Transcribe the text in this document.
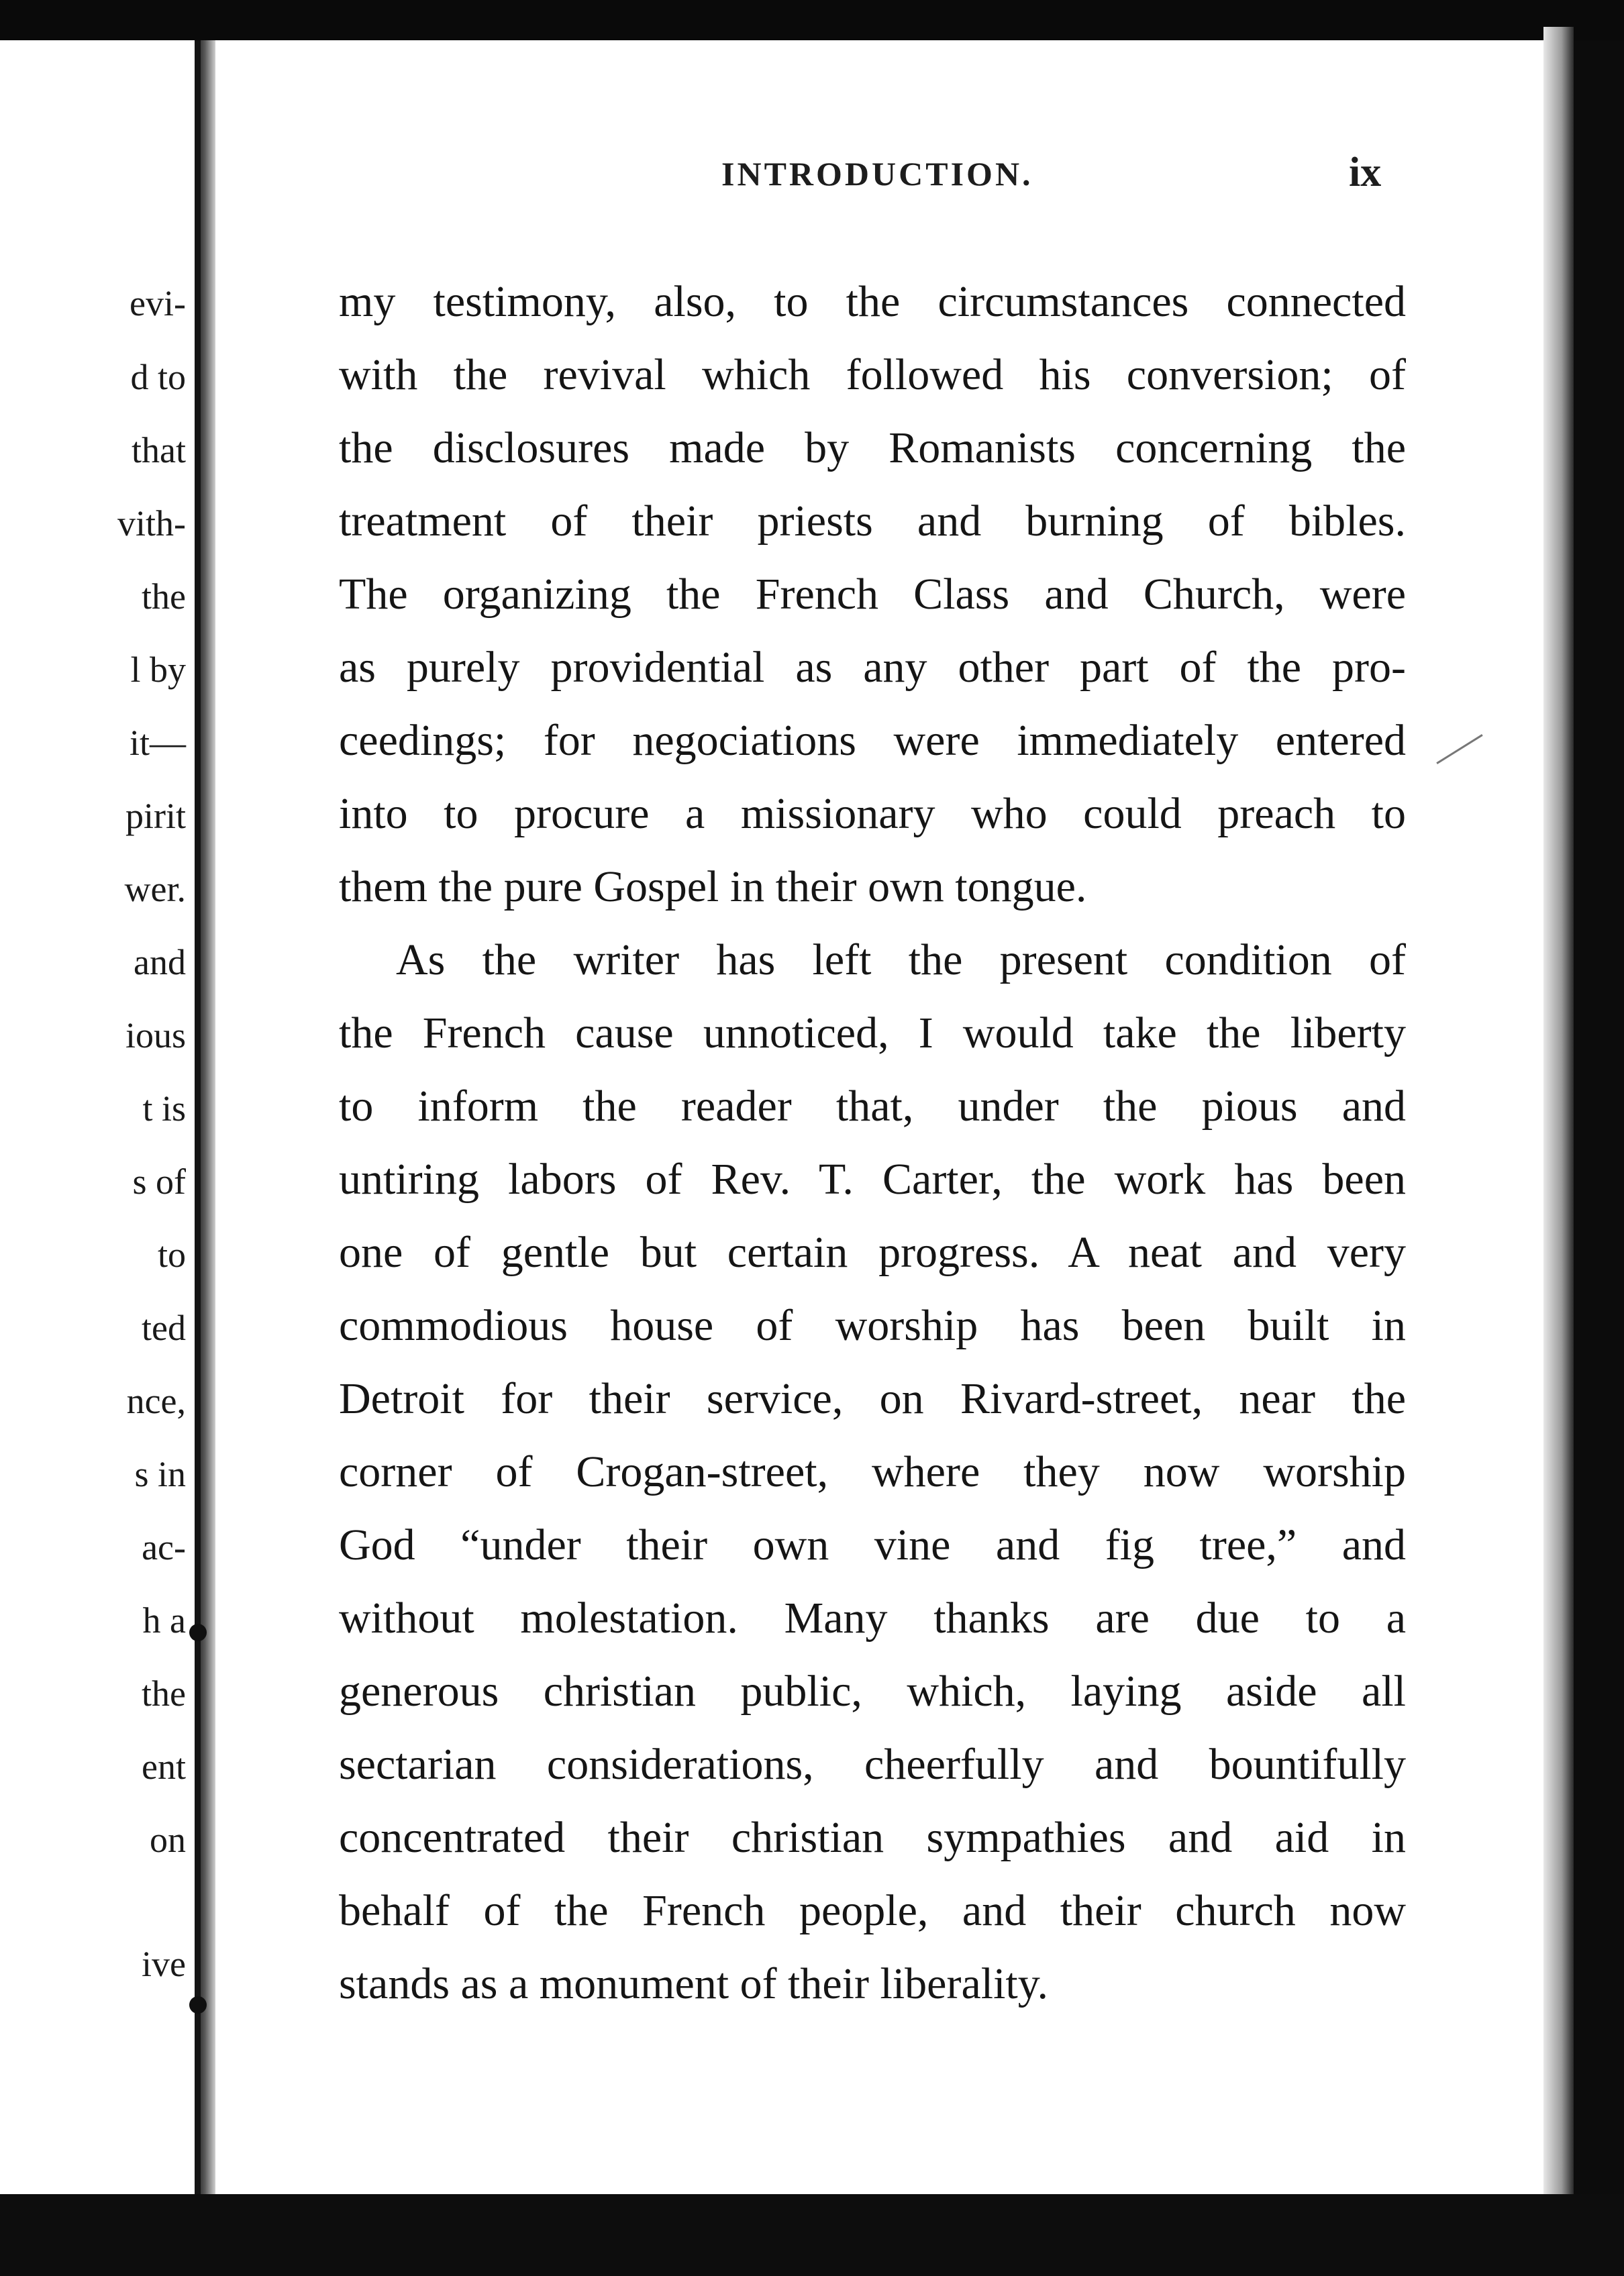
evi-
d to
that
vith-
the
l by
it—
pirit
wer.
and
ious
t is
s of
to
ted
nce,
s in
ac-
h a
the
ent
on
ive
INTRODUCTION.	ix
my testimony, also, to the circumstances connected
with the revival which followed his conversion; of
the disclosures made by Romanists concerning the
treatment of their priests and burning of bibles.
The organizing the French Class and Church, were
as purely providential as any other part of the pro-
ceedings; for negociations were immediately entered
into to procure a missionary who could preach to
them the pure Gospel in their own tongue.
As the writer has left the present condition of
the French cause unnoticed, I would take the liberty
to inform the reader that, under the pious and
untiring labors of Rev. T. Carter, the work has been
one of gentle but certain progress. A neat and very
commodious house of worship has been built in
Detroit for their service, on Rivard-street, near the
corner of Crogan-street, where they now worship
God “under their own vine and fig tree,” and
without molestation. Many thanks are due to a
generous christian public, which, laying aside all
sectarian considerations, cheerfully and bountifully
concentrated their christian sympathies and aid in
behalf of the French people, and their church now
stands as a monument of their liberality.
